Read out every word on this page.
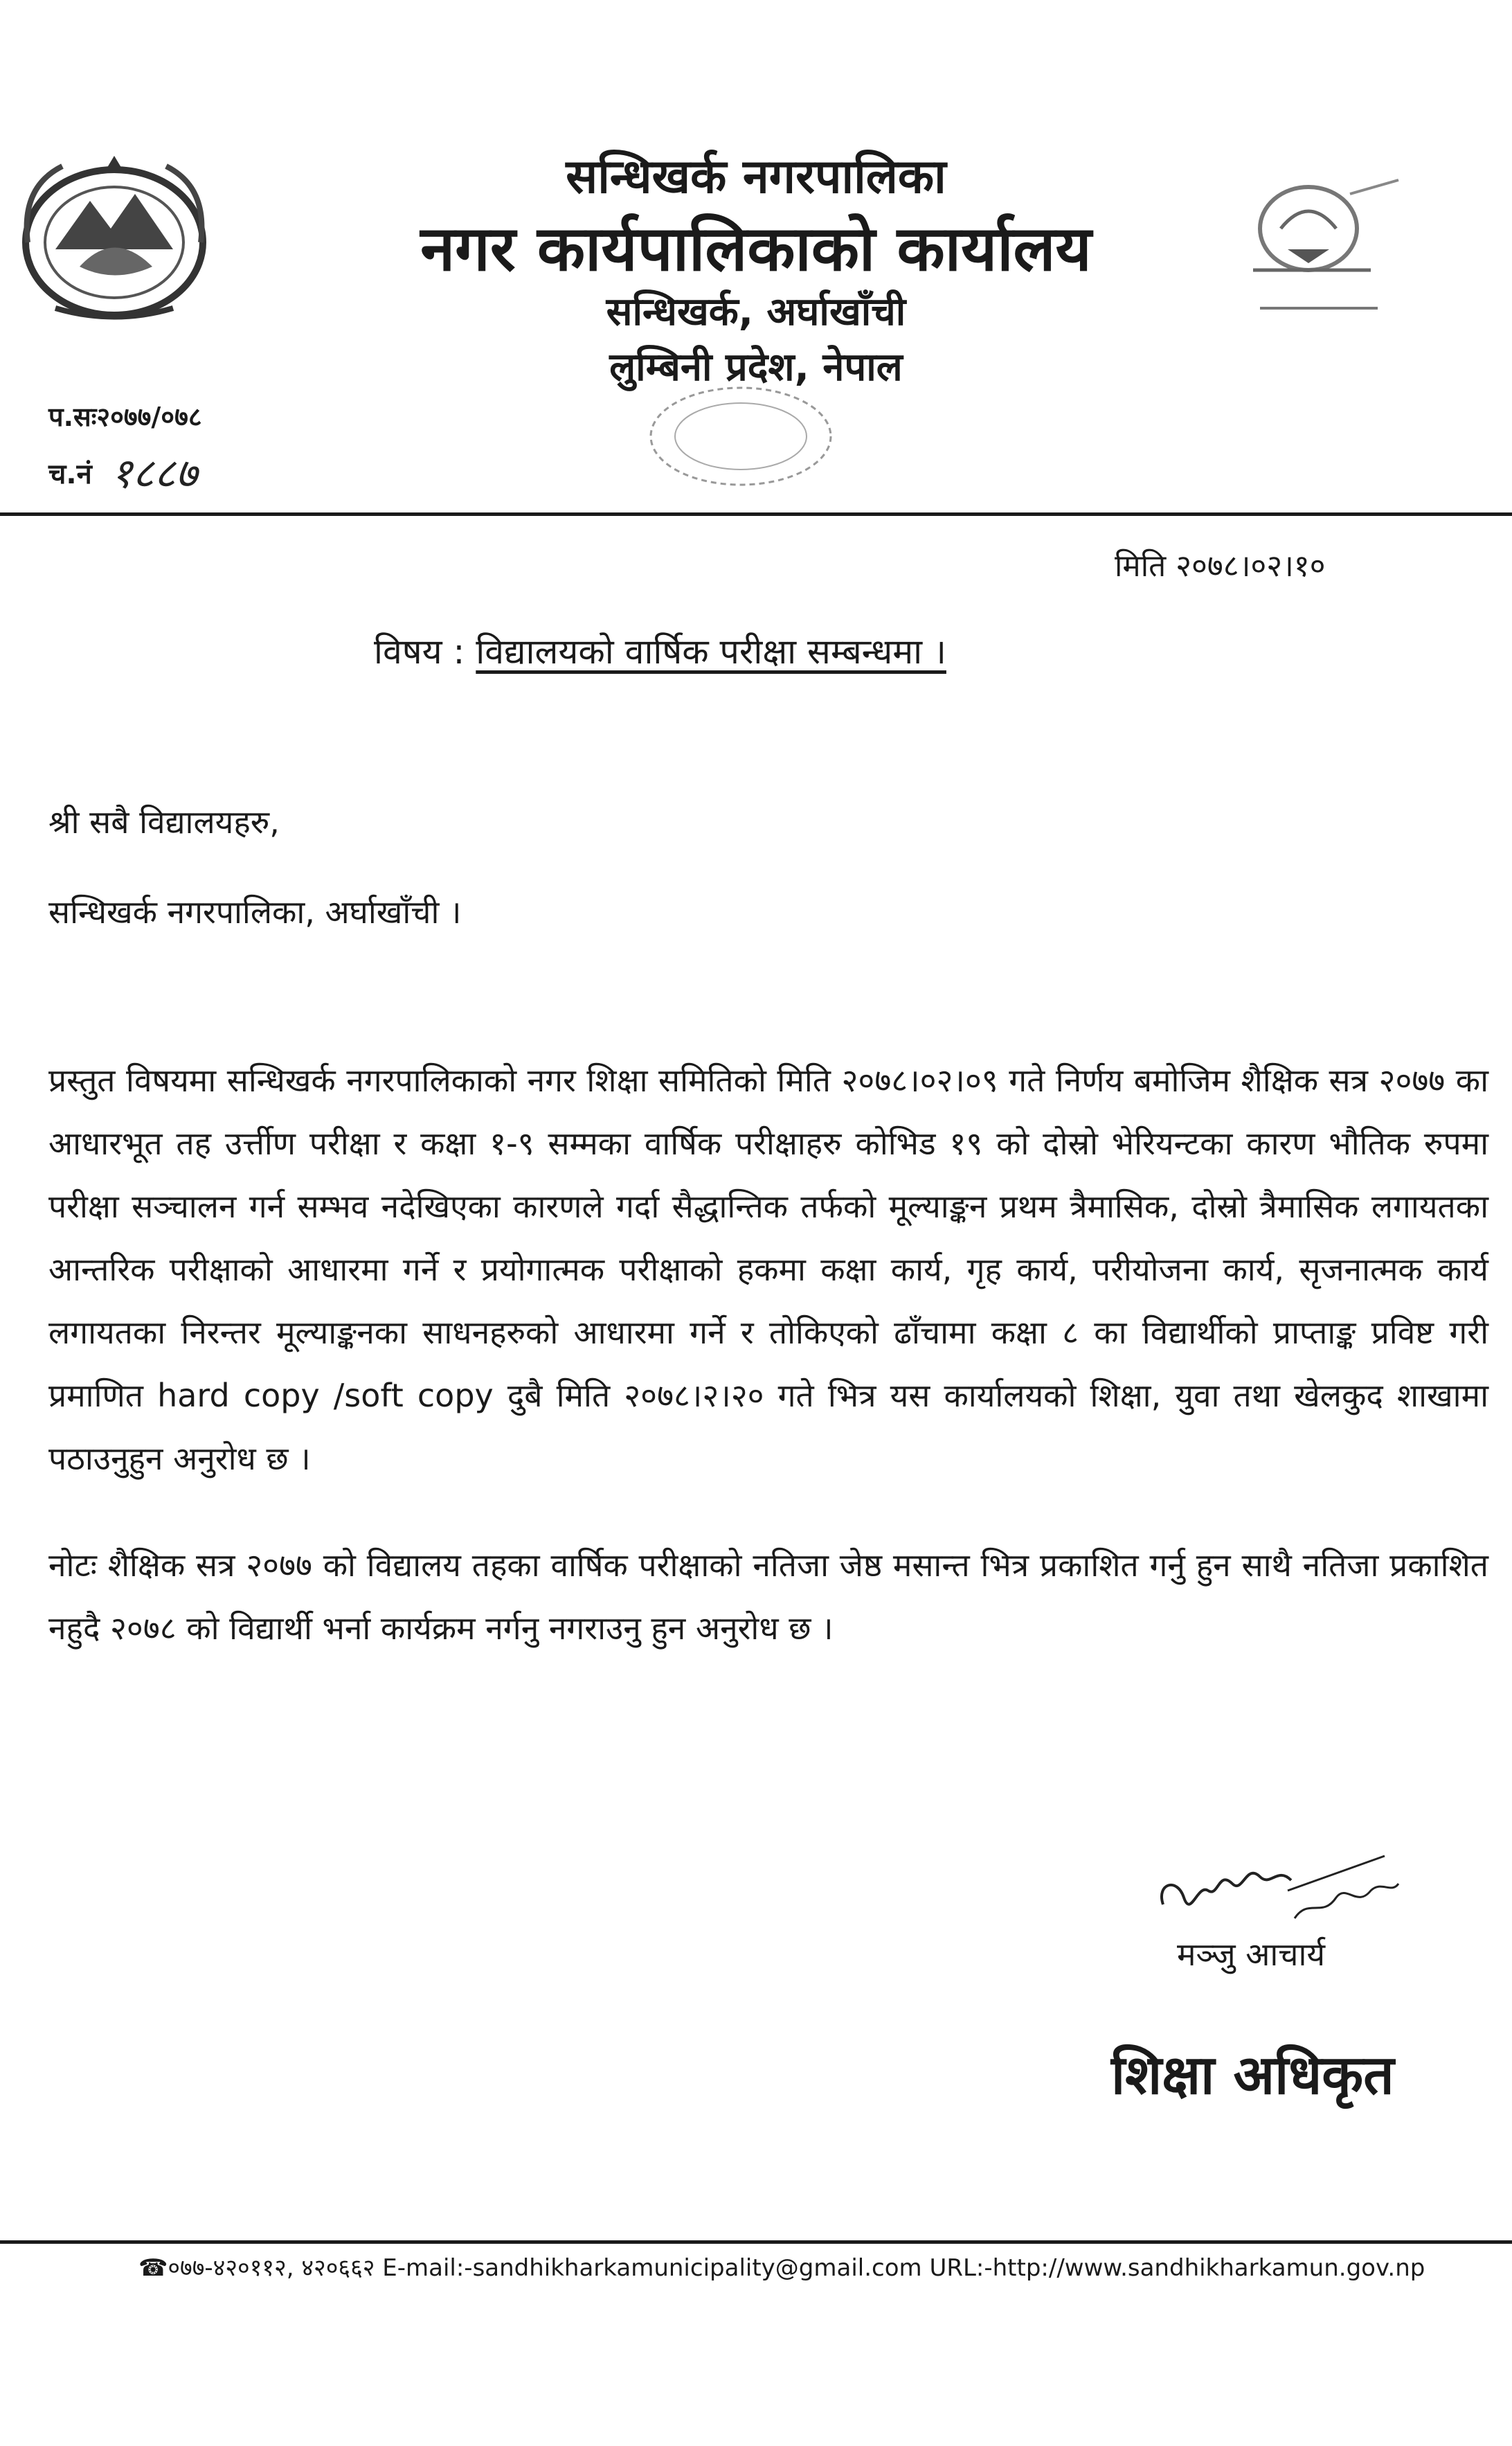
सन्धिखर्क नगरपालिका
नगर कार्यपालिकाको कार्यालय
सन्धिखर्क, अर्घाखाँची
लुम्बिनी प्रदेश, नेपाल
प.सः२०७७/०७८
च.नं १८८७
मिति २०७८।०२।१०
विषय : विद्यालयको वार्षिक परीक्षा सम्बन्धमा ।
श्री सबै विद्यालयहरु,
सन्धिखर्क नगरपालिका, अर्घाखाँची ।
प्रस्तुत विषयमा सन्धिखर्क नगरपालिकाको नगर शिक्षा समितिको मिति २०७८।०२।०९ गते निर्णय बमोजिम शैक्षिक सत्र २०७७ का आधारभूत तह उर्त्तीण परीक्षा र कक्षा १-९ सम्मका वार्षिक परीक्षाहरु कोभिड १९ को दोस्रो भेरियन्टका कारण भौतिक रुपमा परीक्षा सञ्चालन गर्न सम्भव नदेखिएका कारणले गर्दा सैद्धान्तिक तर्फको मूल्याङ्कन प्रथम त्रैमासिक, दोस्रो त्रैमासिक लगायतका आन्तरिक परीक्षाको आधारमा गर्ने र प्रयोगात्मक परीक्षाको हकमा कक्षा कार्य, गृह कार्य, परीयोजना कार्य, सृजनात्मक कार्य लगायतका निरन्तर मूल्याङ्कनका साधनहरुको आधारमा गर्ने र तोकिएको ढाँचामा कक्षा ८ का विद्यार्थीको प्राप्ताङ्क प्रविष्ट गरी प्रमाणित hard copy /soft copy दुबै मिति २०७८।२।२० गते भित्र यस कार्यालयको शिक्षा, युवा तथा खेलकुद शाखामा पठाउनुहुन अनुरोध छ ।
नोटः शैक्षिक सत्र २०७७ को विद्यालय तहका वार्षिक परीक्षाको नतिजा जेष्ठ मसान्त भित्र प्रकाशित गर्नु हुन साथै नतिजा प्रकाशित नहुदै २०७८ को विद्यार्थी भर्ना कार्यक्रम नर्गनु नगराउनु हुन अनुरोध छ ।
मञ्जु आचार्य
शिक्षा अधिकृत
☎०७७-४२०११२, ४२०६६२ E-mail:-sandhikharkamunicipality@gmail.com URL:-http://www.sandhikharkamun.gov.np
